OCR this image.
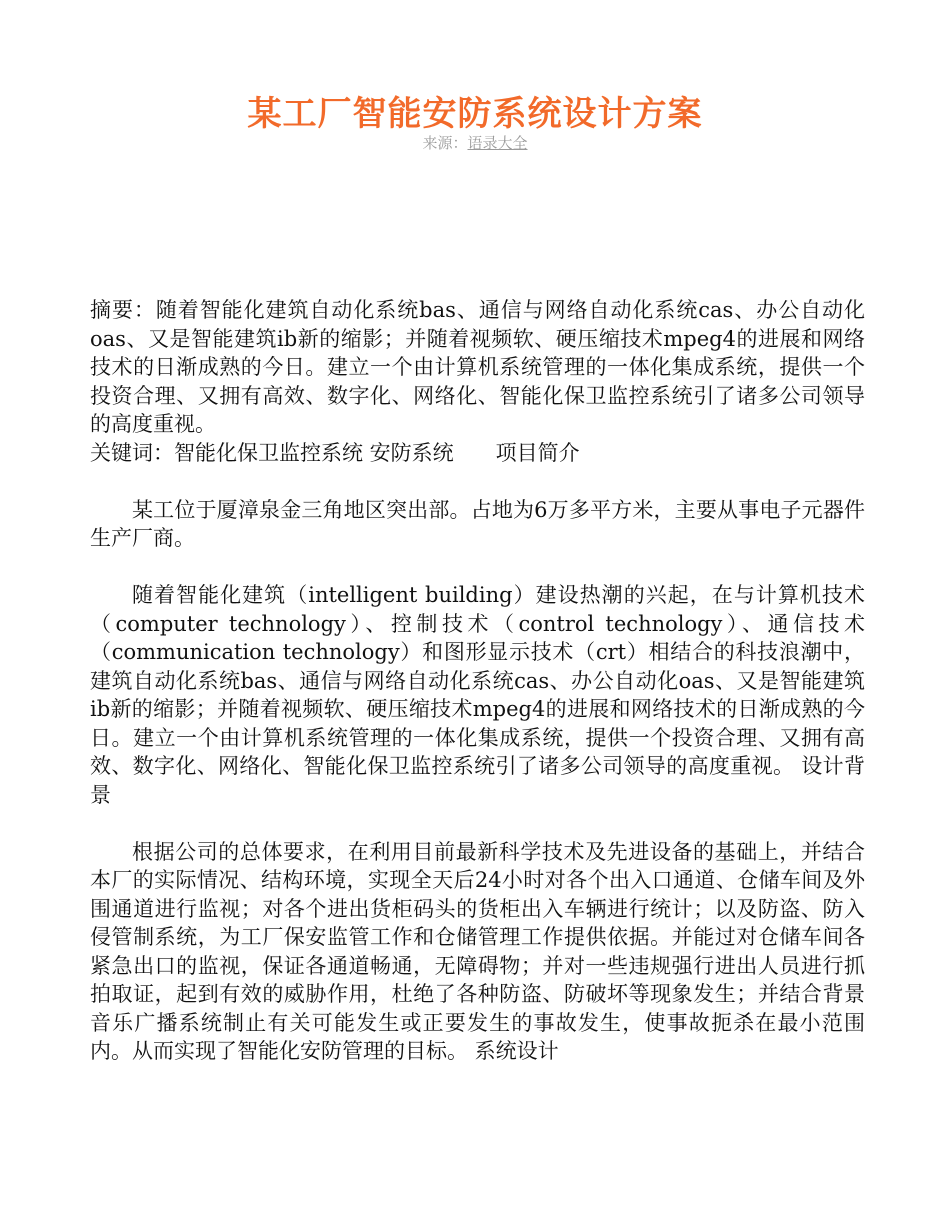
某工厂智能安防系统设计方案
来源：语录大全

摘要：随着智能化建筑自动化系统bas、通信与网络自动化系统cas、办公自动化oas、又是智能建筑ib新的缩影；并随着视频软、硬压缩技术mpeg4的进展和网络技术的日渐成熟的今日。建立一个由计算机系统管理的一体化集成系统，提供一个投资合理、又拥有高效、数字化、网络化、智能化保卫监控系统引了诸多公司领导的高度重视。

关键词：智能化保卫监控系统 安防系统　　项目简介

某工位于厦漳泉金三角地区突出部。占地为6万多平方米，主要从事电子元器件生产厂商。

随着智能化建筑（intelligent building）建设热潮的兴起，在与计算机技术（computer technology）、控制技术（control technology）、通信技术（communication technology）和图形显示技术（crt）相结合的科技浪潮中，建筑自动化系统bas、通信与网络自动化系统cas、办公自动化oas、又是智能建筑ib新的缩影；并随着视频软、硬压缩技术mpeg4的进展和网络技术的日渐成熟的今日。建立一个由计算机系统管理的一体化集成系统，提供一个投资合理、又拥有高效、数字化、网络化、智能化保卫监控系统引了诸多公司领导的高度重视。 设计背景

根据公司的总体要求，在利用目前最新科学技术及先进设备的基础上，并结合本厂的实际情况、结构环境，实现全天后24小时对各个出入口通道、仓储车间及外围通道进行监视；对各个进出货柜码头的货柜出入车辆进行统计；以及防盗、防入侵管制系统，为工厂保安监管工作和仓储管理工作提供依据。并能过对仓储车间各紧急出口的监视，保证各通道畅通，无障碍物；并对一些违规强行进出人员进行抓拍取证，起到有效的威胁作用，杜绝了各种防盗、防破坏等现象发生；并结合背景音乐广播系统制止有关可能发生或正要发生的事故发生，使事故扼杀在最小范围内。从而实现了智能化安防管理的目标。 系统设计
